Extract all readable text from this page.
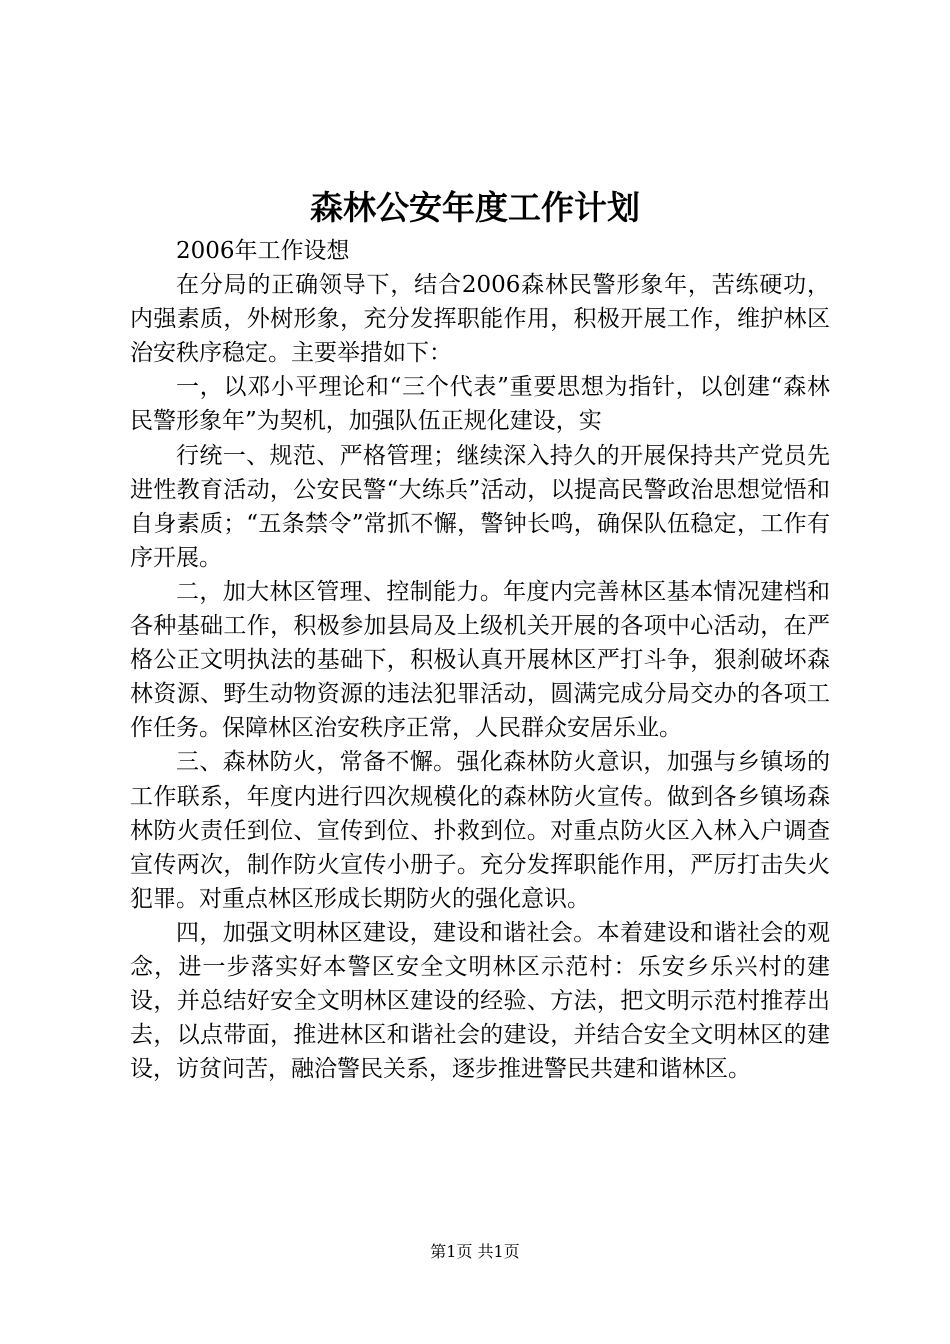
森林公安年度工作计划

2006年工作设想

在分局的正确领导下，结合2006森林民警形象年，苦练硬功，内强素质，外树形象，充分发挥职能作用，积极开展工作，维护林区治安秩序稳定。主要举措如下：

一，以邓小平理论和“三个代表”重要思想为指针，以创建“森林民警形象年”为契机，加强队伍正规化建设，实

行统一、规范、严格管理；继续深入持久的开展保持共产党员先进性教育活动，公安民警“大练兵”活动，以提高民警政治思想觉悟和自身素质；“五条禁令”常抓不懈，警钟长鸣，确保队伍稳定，工作有序开展。

二，加大林区管理、控制能力。年度内完善林区基本情况建档和各种基础工作，积极参加县局及上级机关开展的各项中心活动，在严格公正文明执法的基础下，积极认真开展林区严打斗争，狠刹破坏森林资源、野生动物资源的违法犯罪活动，圆满完成分局交办的各项工作任务。保障林区治安秩序正常，人民群众安居乐业。

三、森林防火，常备不懈。强化森林防火意识，加强与乡镇场的工作联系，年度内进行四次规模化的森林防火宣传。做到各乡镇场森林防火责任到位、宣传到位、扑救到位。对重点防火区入林入户调查宣传两次，制作防火宣传小册子。充分发挥职能作用，严厉打击失火犯罪。对重点林区形成长期防火的强化意识。

四，加强文明林区建设，建设和谐社会。本着建设和谐社会的观念，进一步落实好本警区安全文明林区示范村：乐安乡乐兴村的建设，并总结好安全文明林区建设的经验、方法，把文明示范村推荐出去，以点带面，推进林区和谐社会的建设，并结合安全文明林区的建设，访贫问苦，融洽警民关系，逐步推进警民共建和谐林区。

第1页 共1页
